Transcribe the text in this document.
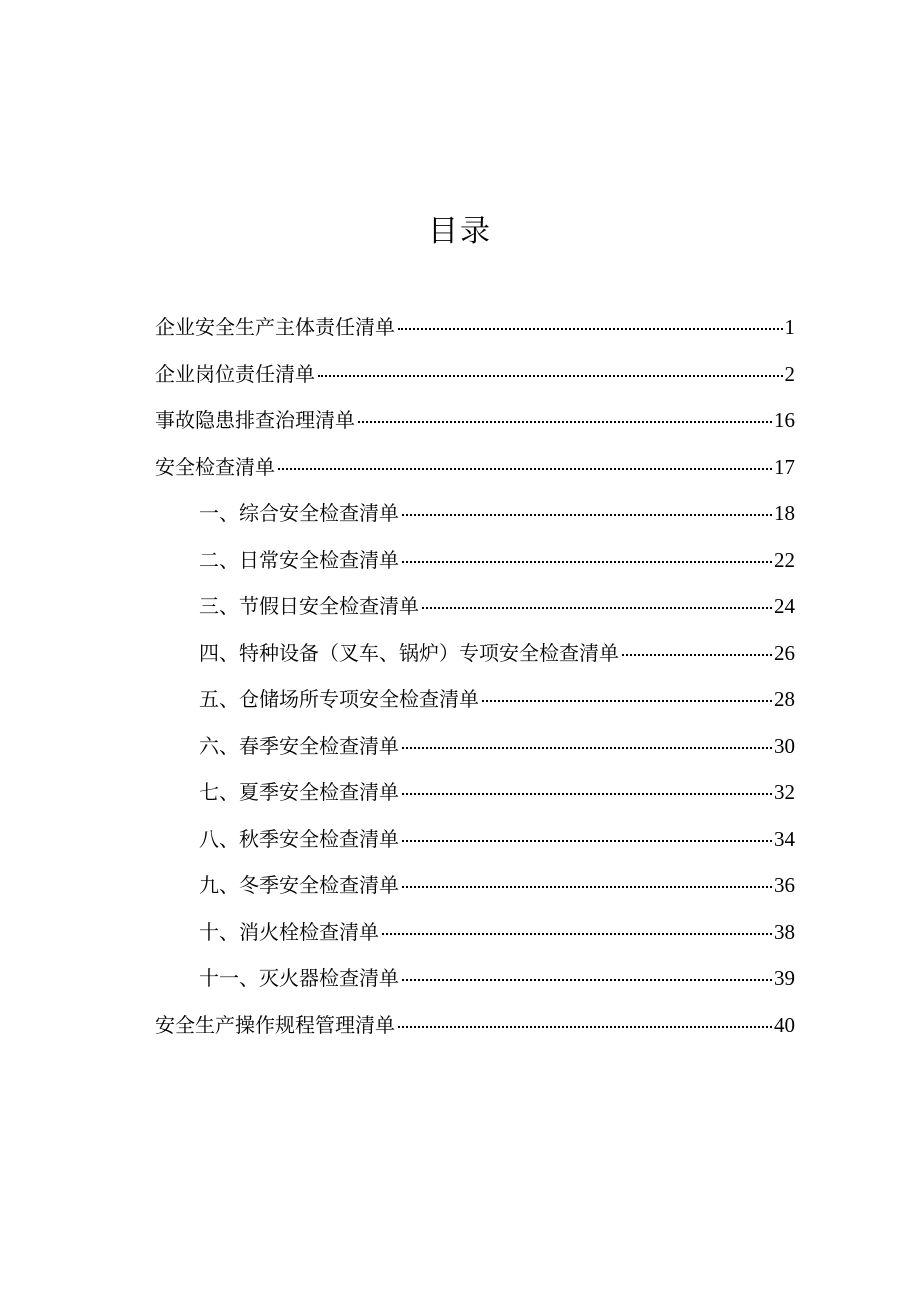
目录
企业安全生产主体责任清单	1
企业岗位责任清单	2
事故隐患排查治理清单	16
安全检查清单	17
一、综合安全检查清单	18
二、日常安全检查清单	22
三、节假日安全检查清单	24
四、特种设备（叉车、锅炉）专项安全检查清单	26
五、仓储场所专项安全检查清单	28
六、春季安全检查清单	30
七、夏季安全检查清单	32
八、秋季安全检查清单	34
九、冬季安全检查清单	36
十、消火栓检查清单	38
十一、灭火器检查清单	39
安全生产操作规程管理清单	40
